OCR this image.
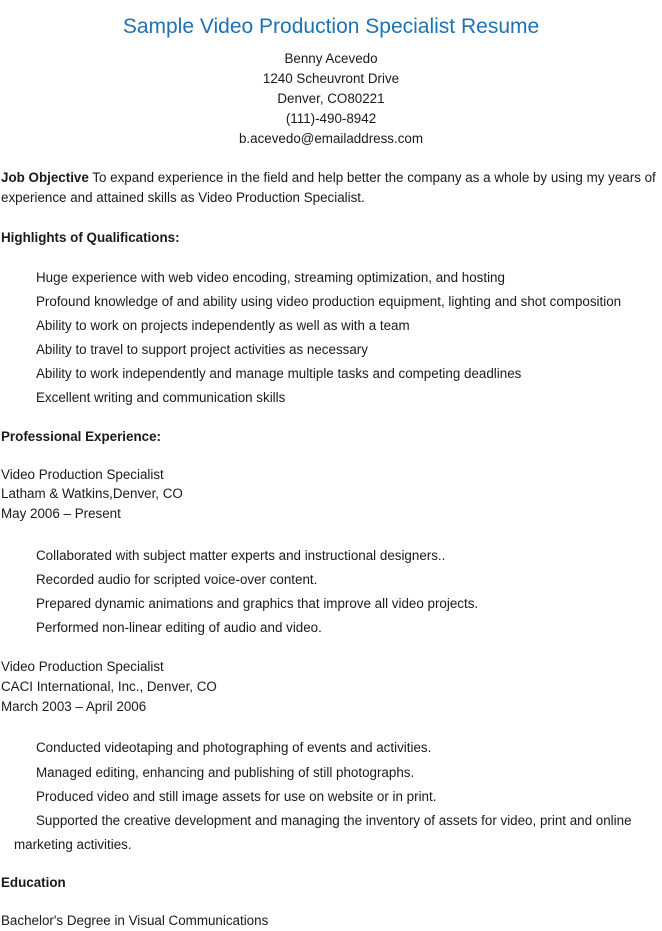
Sample Video Production Specialist Resume
Benny Acevedo
1240 Scheuvront Drive
Denver, CO80221
(111)-490-8942
b.acevedo@emailaddress.com
Job Objective To expand experience in the field and help better the company as a whole by using my years of
experience and attained skills as Video Production Specialist.
Highlights of Qualifications:
Huge experience with web video encoding, streaming optimization, and hosting
Profound knowledge of and ability using video production equipment, lighting and shot composition
Ability to work on projects independently as well as with a team
Ability to travel to support project activities as necessary
Ability to work independently and manage multiple tasks and competing deadlines
Excellent writing and communication skills
Professional Experience:
Video Production Specialist
Latham & Watkins,Denver, CO
May 2006 – Present
Collaborated with subject matter experts and instructional designers..
Recorded audio for scripted voice-over content.
Prepared dynamic animations and graphics that improve all video projects.
Performed non-linear editing of audio and video.
Video Production Specialist
CACI International, Inc., Denver, CO
March 2003 – April 2006
Conducted videotaping and photographing of events and activities.
Managed editing, enhancing and publishing of still photographs.
Produced video and still image assets for use on website or in print.
Supported the creative development and managing the inventory of assets for video, print and online
marketing activities.
Education
Bachelor's Degree in Visual Communications
